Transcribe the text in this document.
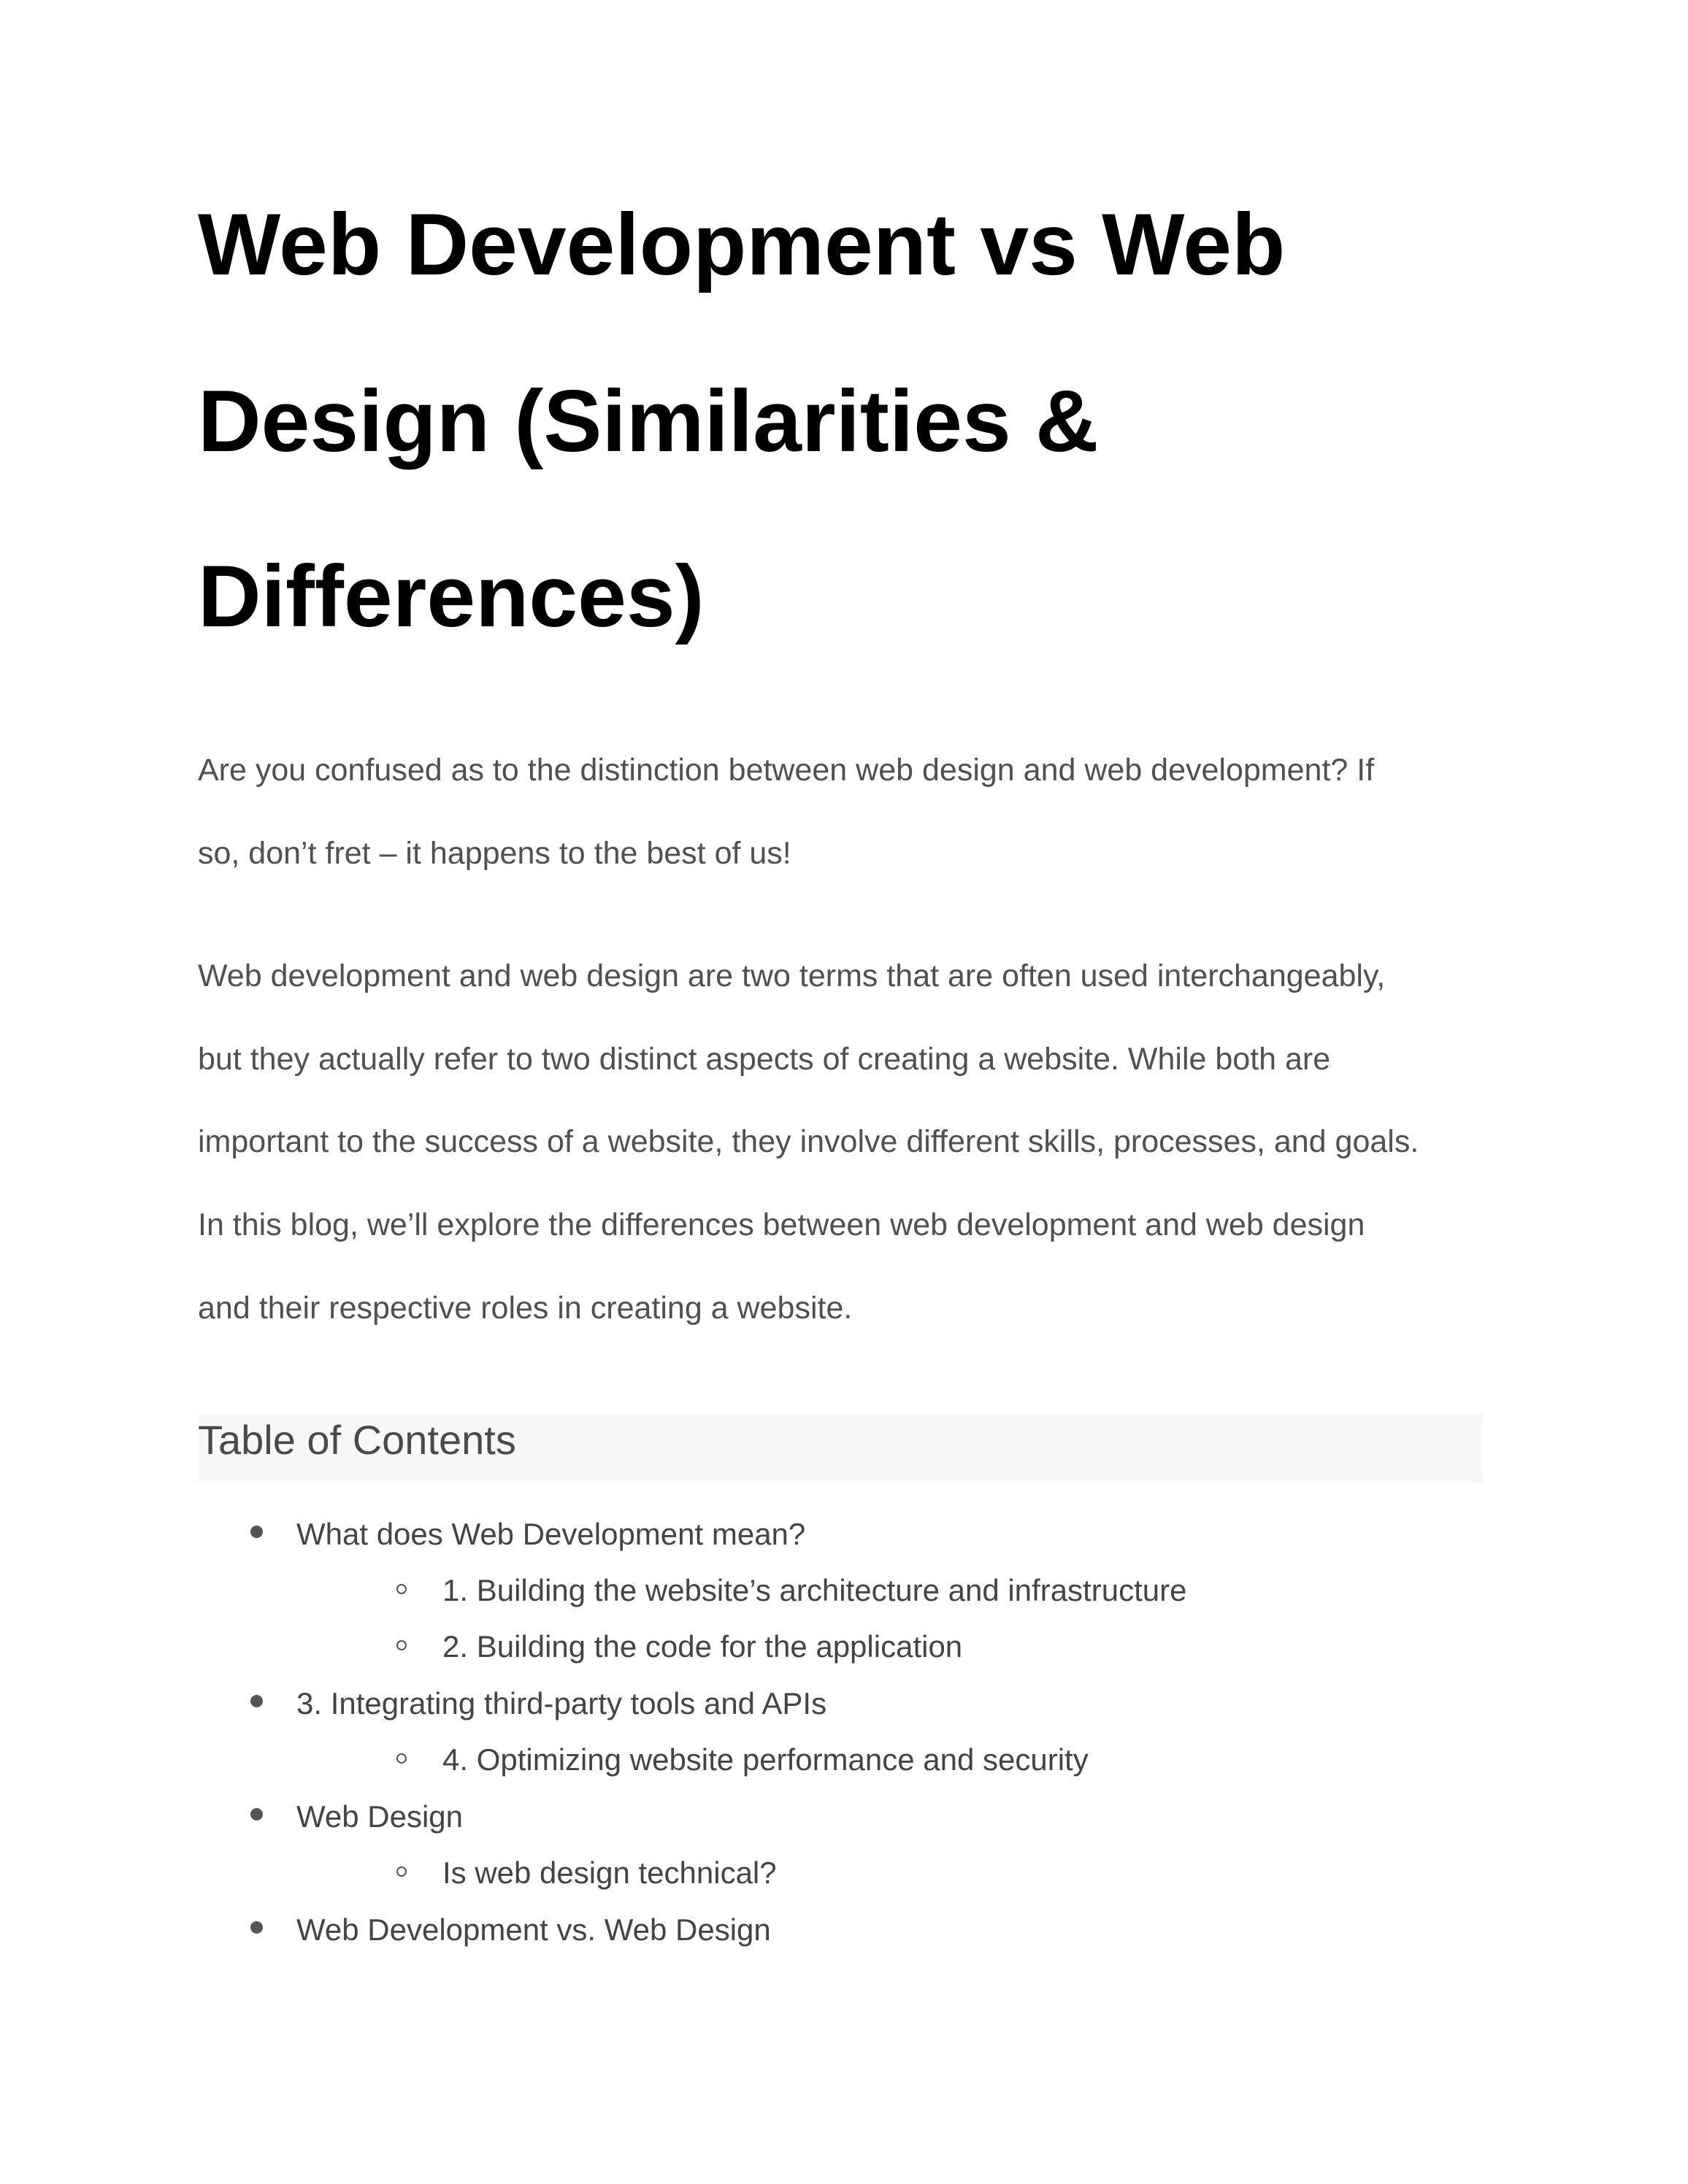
Web Development vs Web
Design (Similarities &
Differences)

Are you confused as to the distinction between web design and web development? If

so, don’t fret – it happens to the best of us!

Web development and web design are two terms that are often used interchangeably,

but they actually refer to two distinct aspects of creating a website. While both are

important to the success of a website, they involve different skills, processes, and goals.

In this blog, we’ll explore the differences between web development and web design

and their respective roles in creating a website.

Table of Contents
What does Web Development mean?
1. Building the website’s architecture and infrastructure
2. Building the code for the application
3. Integrating third-party tools and APIs
4. Optimizing website performance and security
Web Design
Is web design technical?
Web Development vs. Web Design
